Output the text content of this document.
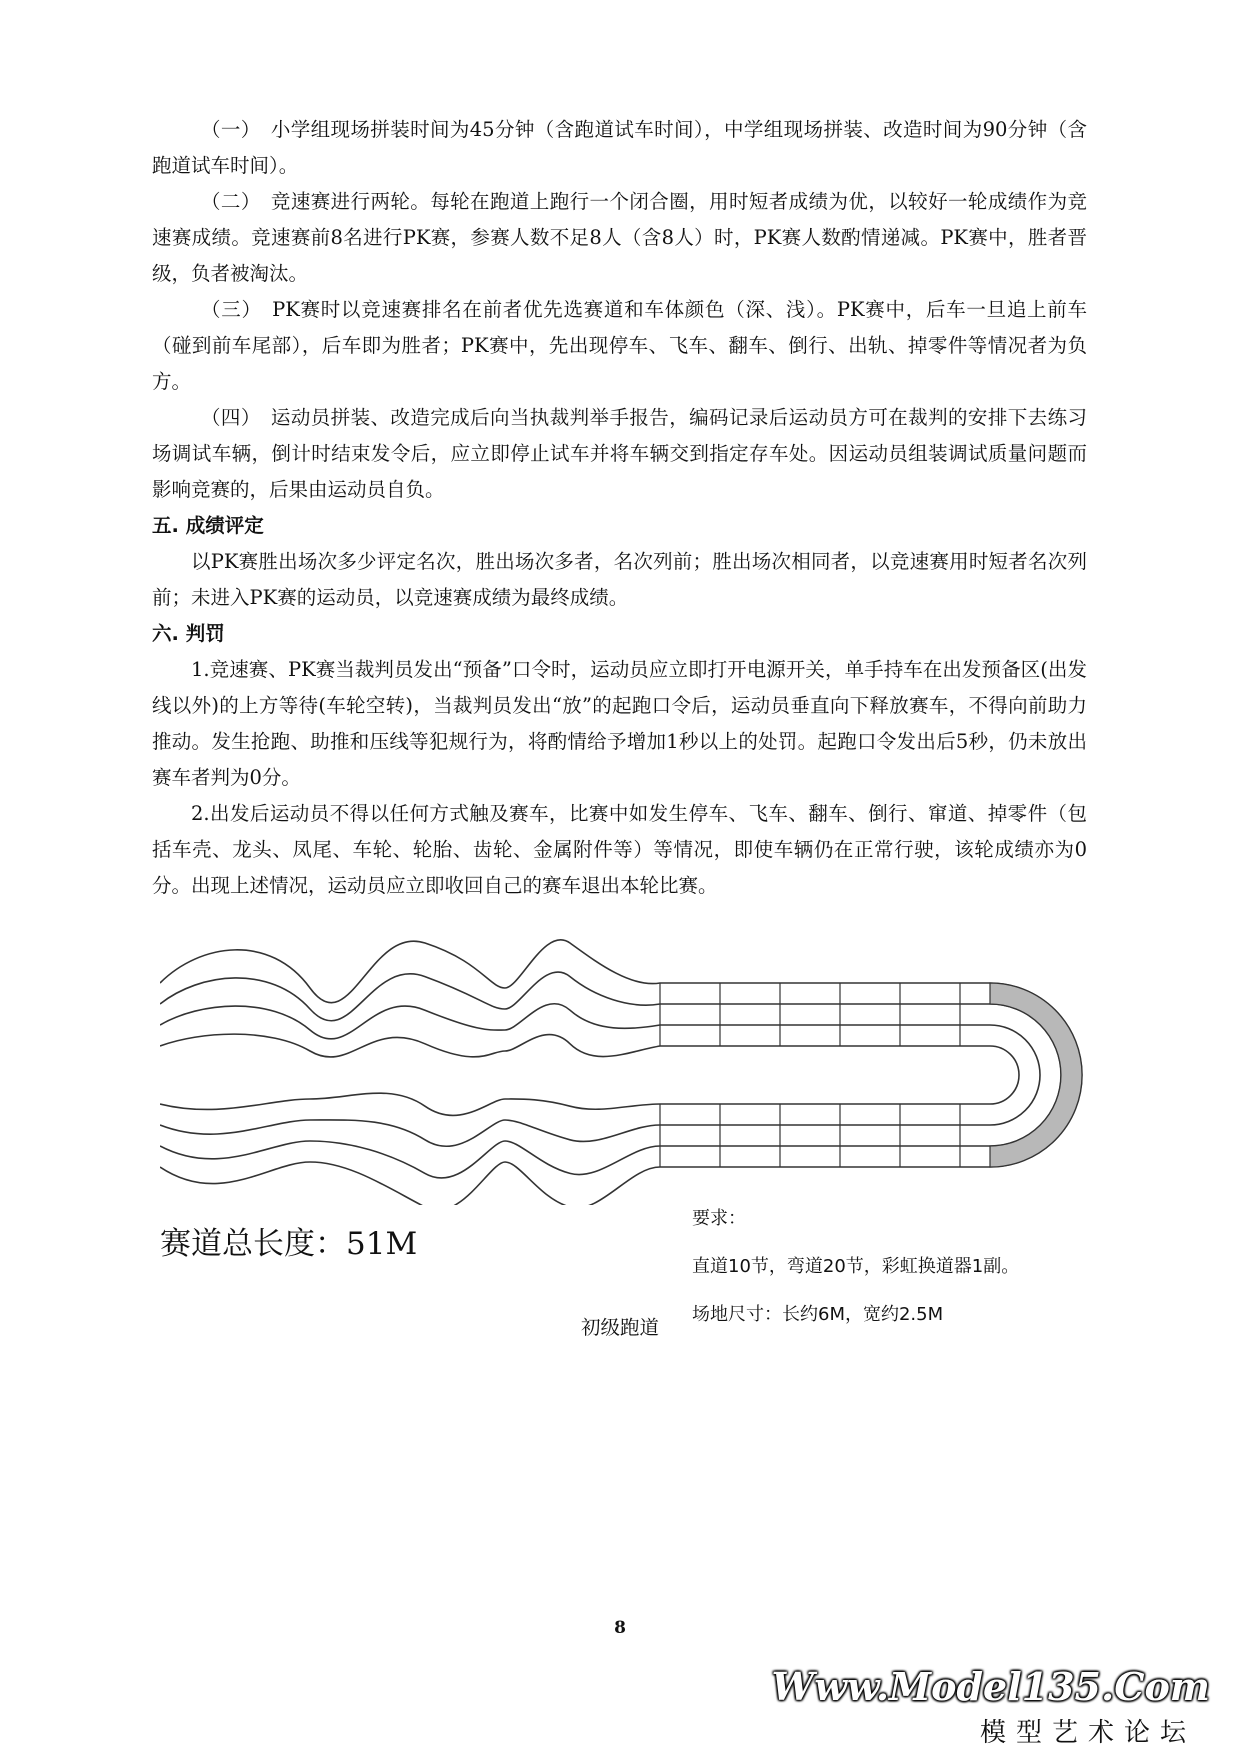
（一）　小学组现场拼装时间为45分钟（含跑道试车时间），中学组现场拼装、改造时间为90分钟（含跑道试车时间）。

（二）　竞速赛进行两轮。每轮在跑道上跑行一个闭合圈，用时短者成绩为优，以较好一轮成绩作为竞速赛成绩。竞速赛前8名进行PK赛，参赛人数不足8人（含8人）时，PK赛人数酌情递减。PK赛中，胜者晋级，负者被淘汰。

（三）　PK赛时以竞速赛排名在前者优先选赛道和车体颜色（深、浅）。PK赛中，后车一旦追上前车（碰到前车尾部），后车即为胜者；PK赛中，先出现停车、飞车、翻车、倒行、出轨、掉零件等情况者为负方。

（四）　运动员拼装、改造完成后向当执裁判举手报告，编码记录后运动员方可在裁判的安排下去练习场调试车辆，倒计时结束发令后，应立即停止试车并将车辆交到指定存车处。因运动员组装调试质量问题而影响竞赛的，后果由运动员自负。

五. 成绩评定

以PK赛胜出场次多少评定名次，胜出场次多者，名次列前；胜出场次相同者，以竞速赛用时短者名次列前；未进入PK赛的运动员，以竞速赛成绩为最终成绩。

六. 判罚

1.竞速赛、PK赛当裁判员发出“预备”口令时，运动员应立即打开电源开关，单手持车在出发预备区(出发线以外)的上方等待(车轮空转)，当裁判员发出“放”的起跑口令后，运动员垂直向下释放赛车，不得向前助力推动。发生抢跑、助推和压线等犯规行为，将酌情给予增加1秒以上的处罚。起跑口令发出后5秒，仍未放出赛车者判为0分。

2.出发后运动员不得以任何方式触及赛车，比赛中如发生停车、飞车、翻车、倒行、窜道、掉零件（包括车壳、龙头、凤尾、车轮、轮胎、齿轮、金属附件等）等情况，即使车辆仍在正常行驶，该轮成绩亦为0分。出现上述情况，运动员应立即收回自己的赛车退出本轮比赛。

赛道总长度：51M
要求：
直道10节，弯道20节，彩虹换道器1副。
场地尺寸：长约6M，宽约2.5M
初级跑道
8
Www.Model135.Com
模型艺术论坛
